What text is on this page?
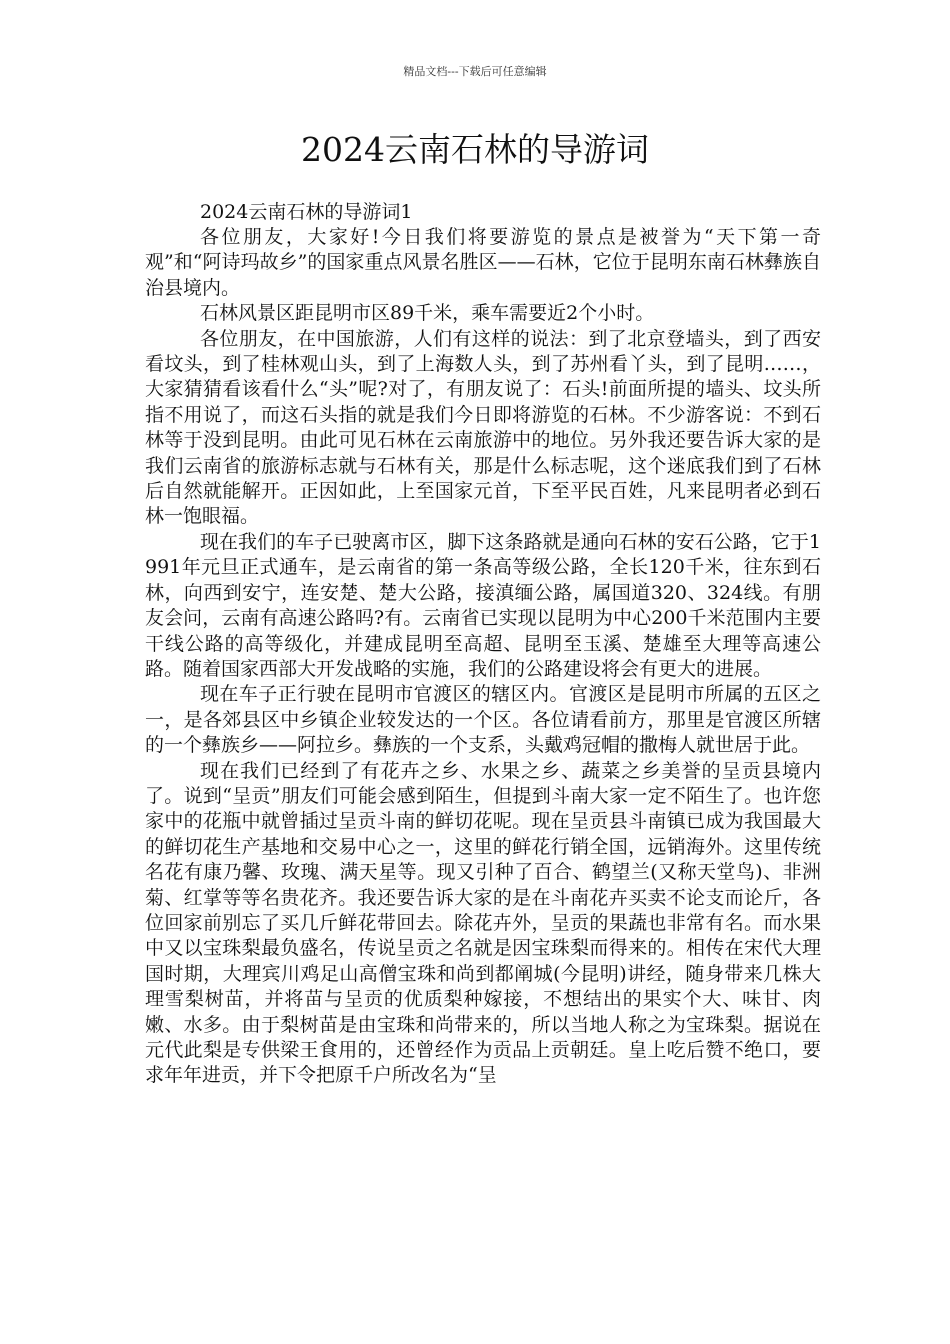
精品文档---下载后可任意编辑
2024云南石林的导游词

2024云南石林的导游词1

各位朋友，大家好!今日我们将要游览的景点是被誉为“天下第一奇观”和“阿诗玛故乡”的国家重点风景名胜区——石林，它位于昆明东南石林彝族自治县境内。

石林风景区距昆明市区89千米，乘车需要近2个小时。

各位朋友，在中国旅游，人们有这样的说法：到了北京登墙头，到了西安看坟头，到了桂林观山头，到了上海数人头，到了苏州看丫头，到了昆明……，大家猜猜看该看什么“头”呢?对了，有朋友说了：石头!前面所提的墙头、坟头所指不用说了，而这石头指的就是我们今日即将游览的石林。不少游客说：不到石林等于没到昆明。由此可见石林在云南旅游中的地位。另外我还要告诉大家的是我们云南省的旅游标志就与石林有关，那是什么标志呢，这个迷底我们到了石林后自然就能解开。正因如此，上至国家元首，下至平民百姓，凡来昆明者必到石林一饱眼福。

现在我们的车子已驶离市区，脚下这条路就是通向石林的安石公路，它于1991年元旦正式通车，是云南省的第一条高等级公路，全长120千米，往东到石林，向西到安宁，连安楚、楚大公路，接滇缅公路，属国道320、324线。有朋友会问，云南有高速公路吗?有。云南省已实现以昆明为中心200千米范围内主要干线公路的高等级化，并建成昆明至高超、昆明至玉溪、楚雄至大理等高速公路。随着国家西部大开发战略的实施，我们的公路建设将会有更大的进展。

现在车子正行驶在昆明市官渡区的辖区内。官渡区是昆明市所属的五区之一，是各郊县区中乡镇企业较发达的一个区。各位请看前方，那里是官渡区所辖的一个彝族乡——阿拉乡。彝族的一个支系，头戴鸡冠帽的撒梅人就世居于此。

现在我们已经到了有花卉之乡、水果之乡、蔬菜之乡美誉的呈贡县境内了。说到“呈贡”朋友们可能会感到陌生，但提到斗南大家一定不陌生了。也许您家中的花瓶中就曾插过呈贡斗南的鲜切花呢。现在呈贡县斗南镇已成为我国最大的鲜切花生产基地和交易中心之一，这里的鲜花行销全国，远销海外。这里传统名花有康乃馨、玫瑰、满天星等。现又引种了百合、鹤望兰(又称天堂鸟)、非洲菊、红掌等等名贵花齐。我还要告诉大家的是在斗南花卉买卖不论支而论斤，各位回家前别忘了买几斤鲜花带回去。除花卉外，呈贡的果蔬也非常有名。而水果中又以宝珠梨最负盛名，传说呈贡之名就是因宝珠梨而得来的。相传在宋代大理国时期，大理宾川鸡足山高僧宝珠和尚到都阐城(今昆明)讲经，随身带来几株大理雪梨树苗，并将苗与呈贡的优质梨种嫁接，不想结出的果实个大、味甘、肉嫩、水多。由于梨树苗是由宝珠和尚带来的，所以当地人称之为宝珠梨。据说在元代此梨是专供梁王食用的，还曾经作为贡品上贡朝廷。皇上吃后赞不绝口，要求年年进贡，并下令把原千户所改名为“呈
